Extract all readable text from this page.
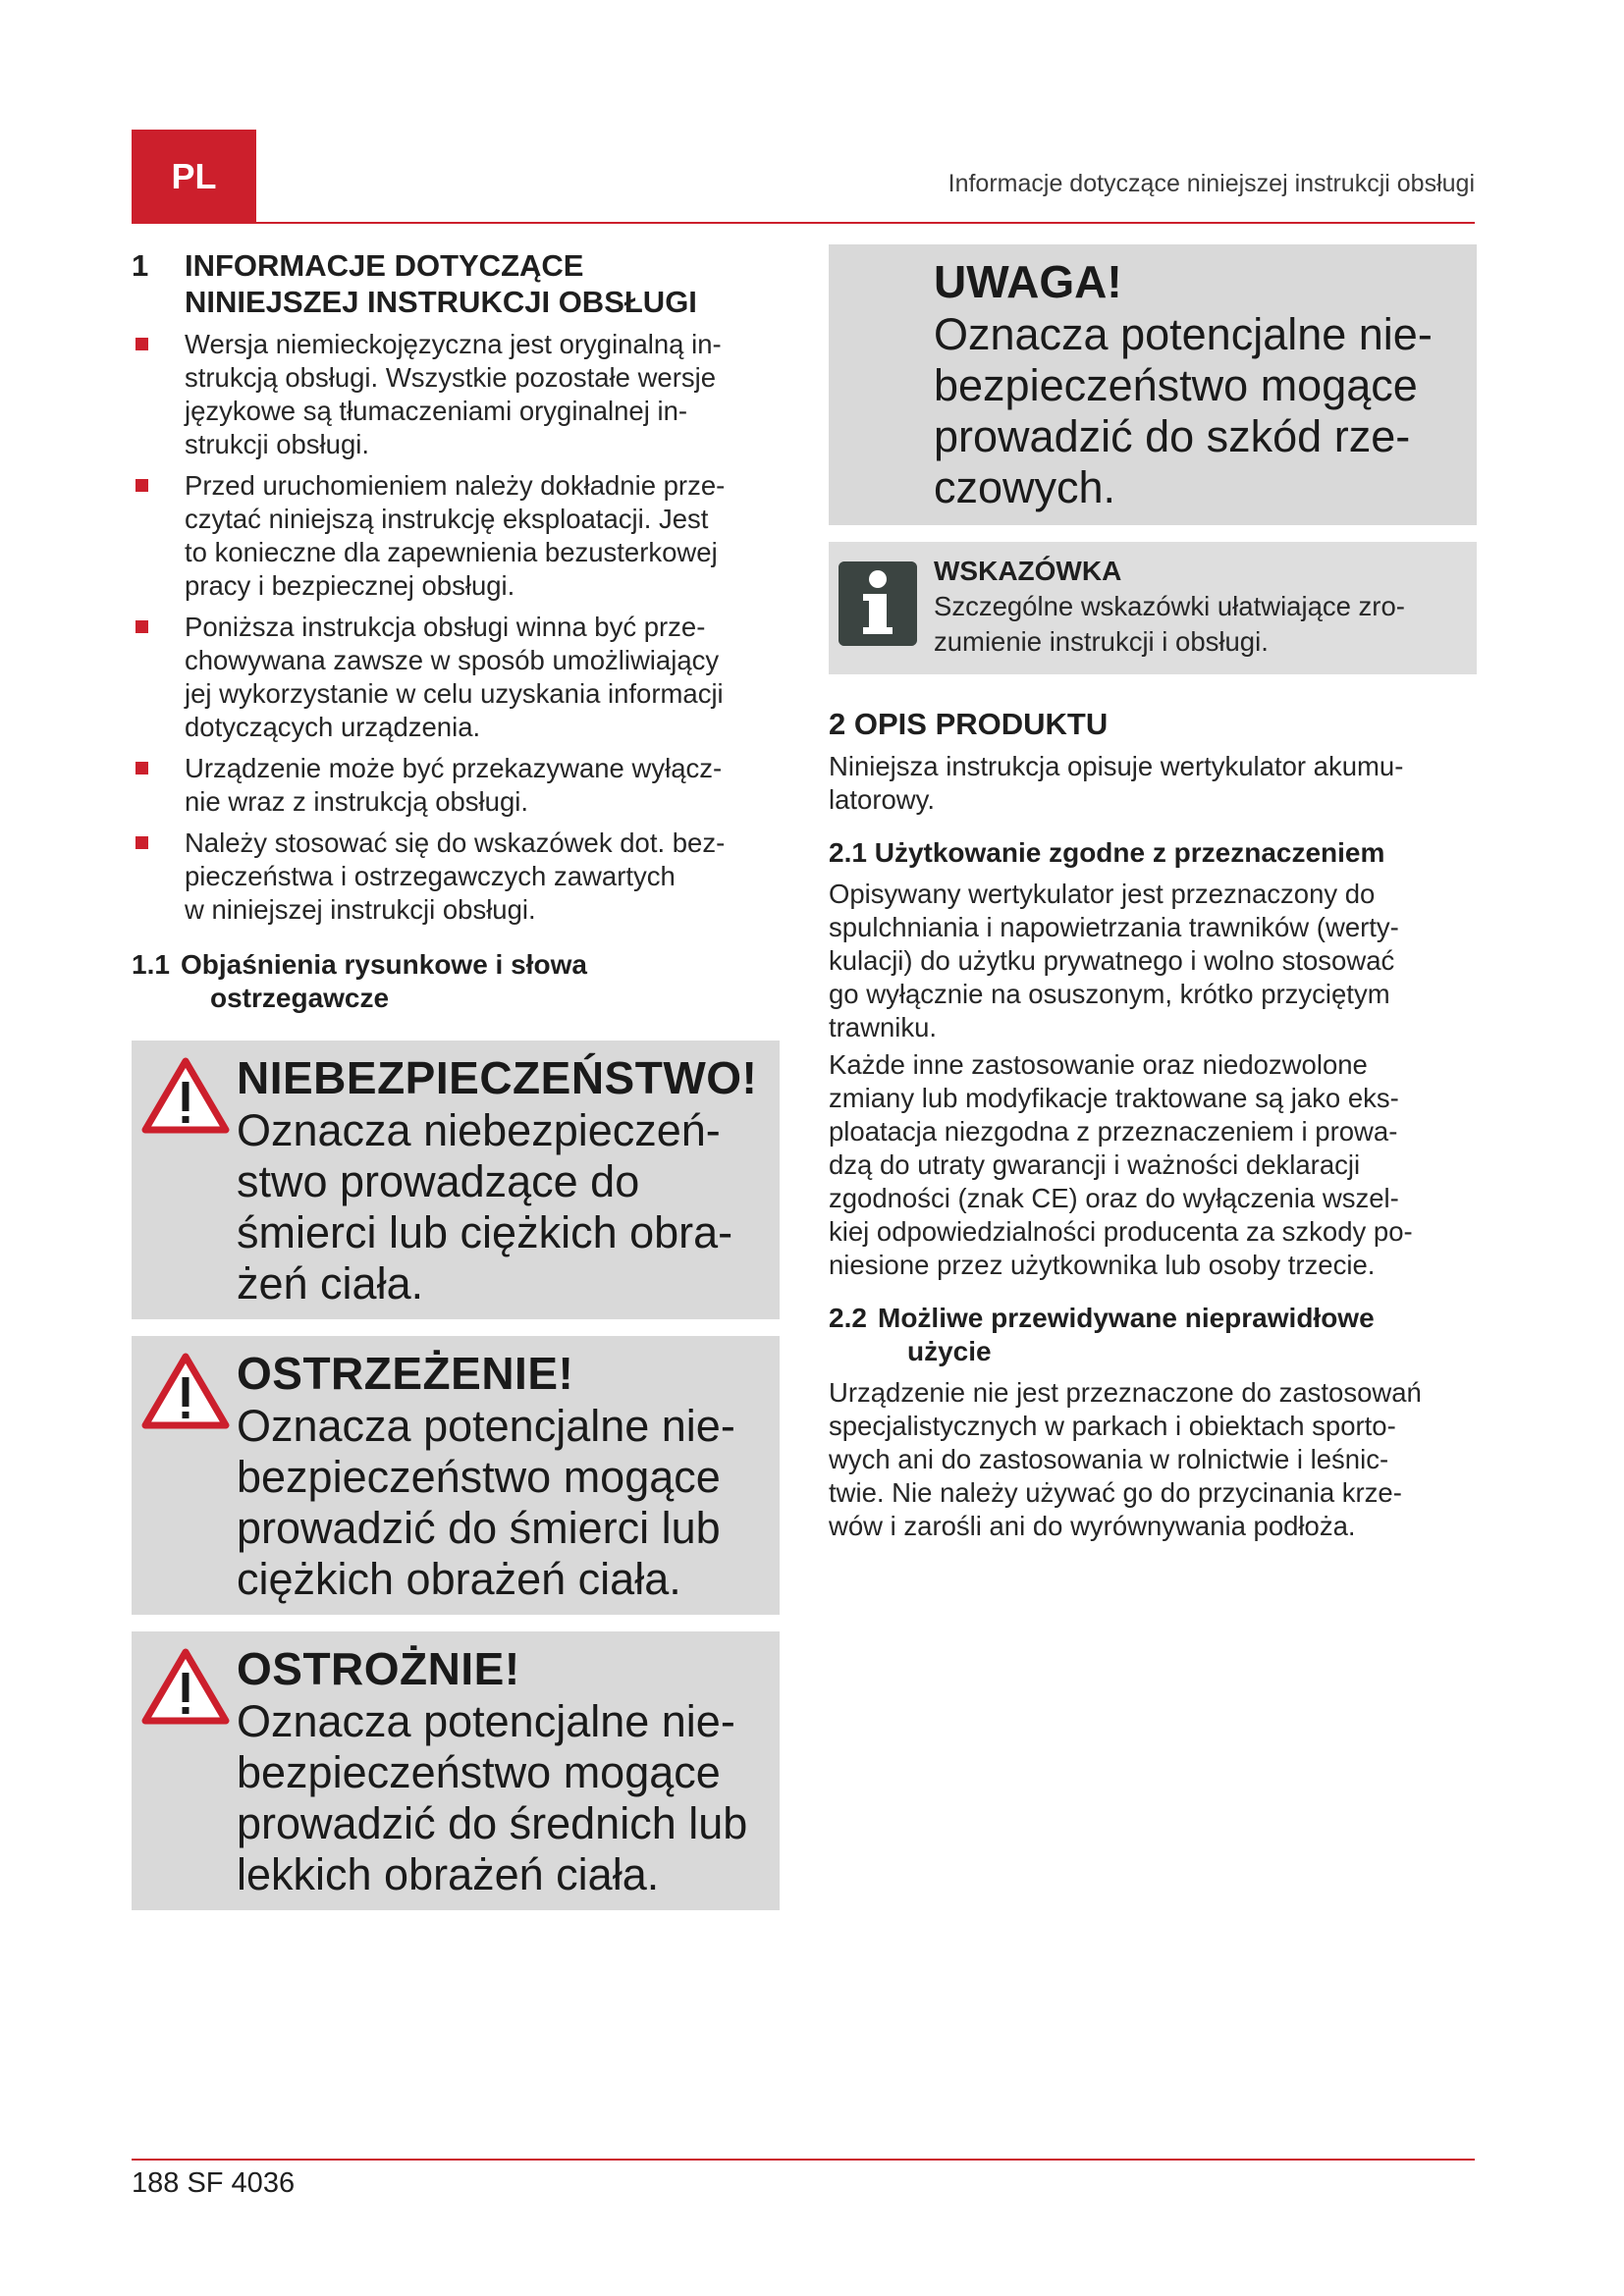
PL	Informacje dotyczące niniejszej instrukcji obsługi
1 INFORMACJE DOTYCZĄCE
NINIEJSZEJ INSTRUKCJI OBSŁUGI
Wersja niemieckojęzyczna jest oryginalną in-
strukcją obsługi. Wszystkie pozostałe wersje
językowe są tłumaczeniami oryginalnej in-
strukcji obsługi.
Przed uruchomieniem należy dokładnie prze-
czytać niniejszą instrukcję eksploatacji. Jest
to konieczne dla zapewnienia bezusterkowej
pracy i bezpiecznej obsługi.
Poniższa instrukcja obsługi winna być prze-
chowywana zawsze w sposób umożliwiający
jej wykorzystanie w celu uzyskania informacji
dotyczących urządzenia.
Urządzenie może być przekazywane wyłącz-
nie wraz z instrukcją obsługi.
Należy stosować się do wskazówek dot. bez-
pieczeństwa i ostrzegawczych zawartych
w niniejszej instrukcji obsługi.
1.1 Objaśnienia rysunkowe i słowa
ostrzegawcze
NIEBEZPIECZEŃSTWO!
Oznacza niebezpieczeń-
stwo prowadzące do
śmierci lub ciężkich obra-
żeń ciała.
OSTRZEŻENIE!
Oznacza potencjalne nie-
bezpieczeństwo mogące
prowadzić do śmierci lub
ciężkich obrażeń ciała.
OSTROŻNIE!
Oznacza potencjalne nie-
bezpieczeństwo mogące
prowadzić do średnich lub
lekkich obrażeń ciała.
UWAGA!
Oznacza potencjalne nie-
bezpieczeństwo mogące
prowadzić do szkód rze-
czowych.
WSKAZÓWKA
Szczególne wskazówki ułatwiające zro-
zumienie instrukcji i obsługi.
2 OPIS PRODUKTU
Niniejsza instrukcja opisuje wertykulator akumu-
latorowy.
2.1 Użytkowanie zgodne z przeznaczeniem
Opisywany wertykulator jest przeznaczony do
spulchniania i napowietrzania trawników (werty-
kulacji) do użytku prywatnego i wolno stosować
go wyłącznie na osuszonym, krótko przyciętym
trawniku.
Każde inne zastosowanie oraz niedozwolone
zmiany lub modyfikacje traktowane są jako eks-
ploatacja niezgodna z przeznaczeniem i prowa-
dzą do utraty gwarancji i ważności deklaracji
zgodności (znak CE) oraz do wyłączenia wszel-
kiej odpowiedzialności producenta za szkody po-
niesione przez użytkownika lub osoby trzecie.
2.2 Możliwe przewidywane nieprawidłowe
użycie
Urządzenie nie jest przeznaczone do zastosowań
specjalistycznych w parkach i obiektach sporto-
wych ani do zastosowania w rolnictwie i leśnic-
twie. Nie należy używać go do przycinania krze-
wów i zarośli ani do wyrównywania podłoża.
188 SF 4036
